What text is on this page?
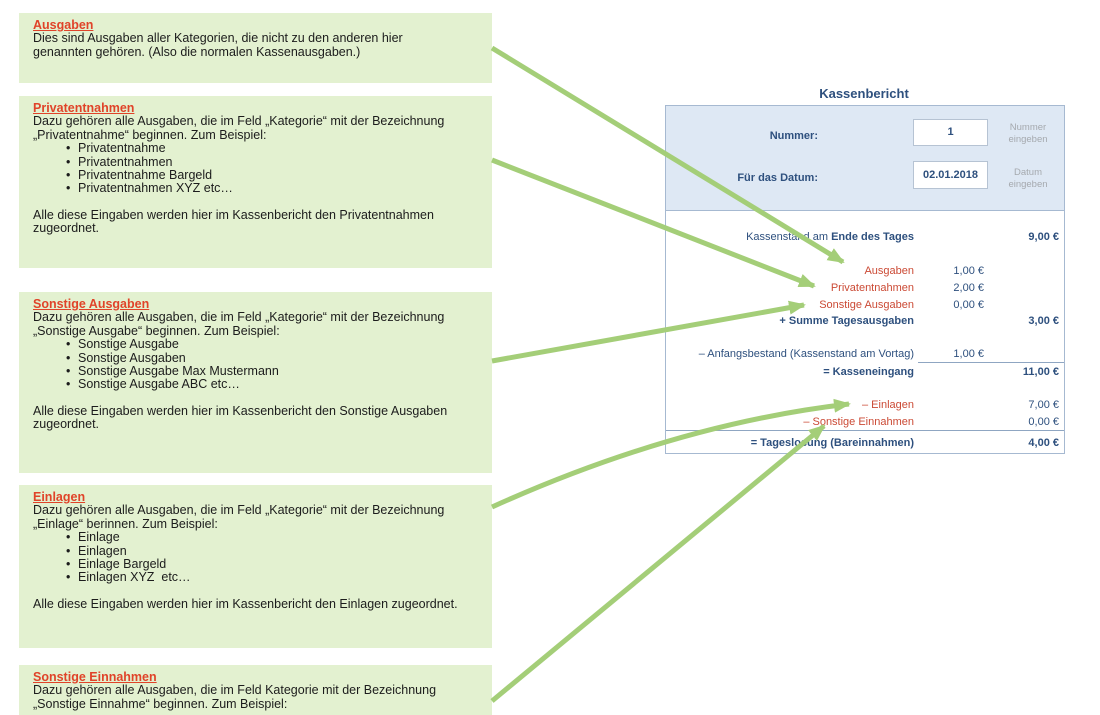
Ausgaben
Dies sind Ausgaben aller Kategorien, die nicht zu den anderen hier
genannten gehören. (Also die normalen Kassenausgaben.)
Privatentnahmen
Dazu gehören alle Ausgaben, die im Feld „Kategorie“ mit der Bezeichnung
„Privatentnahme“ beginnen. Zum Beispiel:
• Privatentnahme
• Privatentnahmen
• Privatentnahme Bargeld
• Privatentnahmen XYZ etc…
Alle diese Eingaben werden hier im Kassenbericht den Privatentnahmen
zugeordnet.
Sonstige Ausgaben
Dazu gehören alle Ausgaben, die im Feld „Kategorie“ mit der Bezeichnung
„Sonstige Ausgabe“ beginnen. Zum Beispiel:
• Sonstige Ausgabe
• Sonstige Ausgaben
• Sonstige Ausgabe Max Mustermann
• Sonstige Ausgabe ABC etc…
Alle diese Eingaben werden hier im Kassenbericht den Sonstige Ausgaben
zugeordnet.
Einlagen
Dazu gehören alle Ausgaben, die im Feld „Kategorie“ mit der Bezeichnung
„Einlage“ berinnen. Zum Beispiel:
• Einlage
• Einlagen
• Einlage Bargeld
• Einlagen XYZ  etc…
Alle diese Eingaben werden hier im Kassenbericht den Einlagen zugeordnet.
Sonstige Einnahmen
Dazu gehören alle Ausgaben, die im Feld Kategorie mit der Bezeichnung
„Sonstige Einnahme“ beginnen. Zum Beispiel:
Kassenbericht
Nummer:	1	Nummer eingeben
Für das Datum:	02.01.2018	Datum eingeben
Kassenstand am Ende des Tages	9,00 €
Ausgaben	1,00 €
Privatentnahmen	2,00 €
Sonstige Ausgaben	0,00 €
+ Summe Tagesausgaben	3,00 €
– Anfangsbestand (Kassenstand am Vortag)	1,00 €
= Kasseneingang	11,00 €
– Einlagen	7,00 €
– Sonstige Einnahmen	0,00 €
= Tageslosung (Bareinnahmen)	4,00 €
